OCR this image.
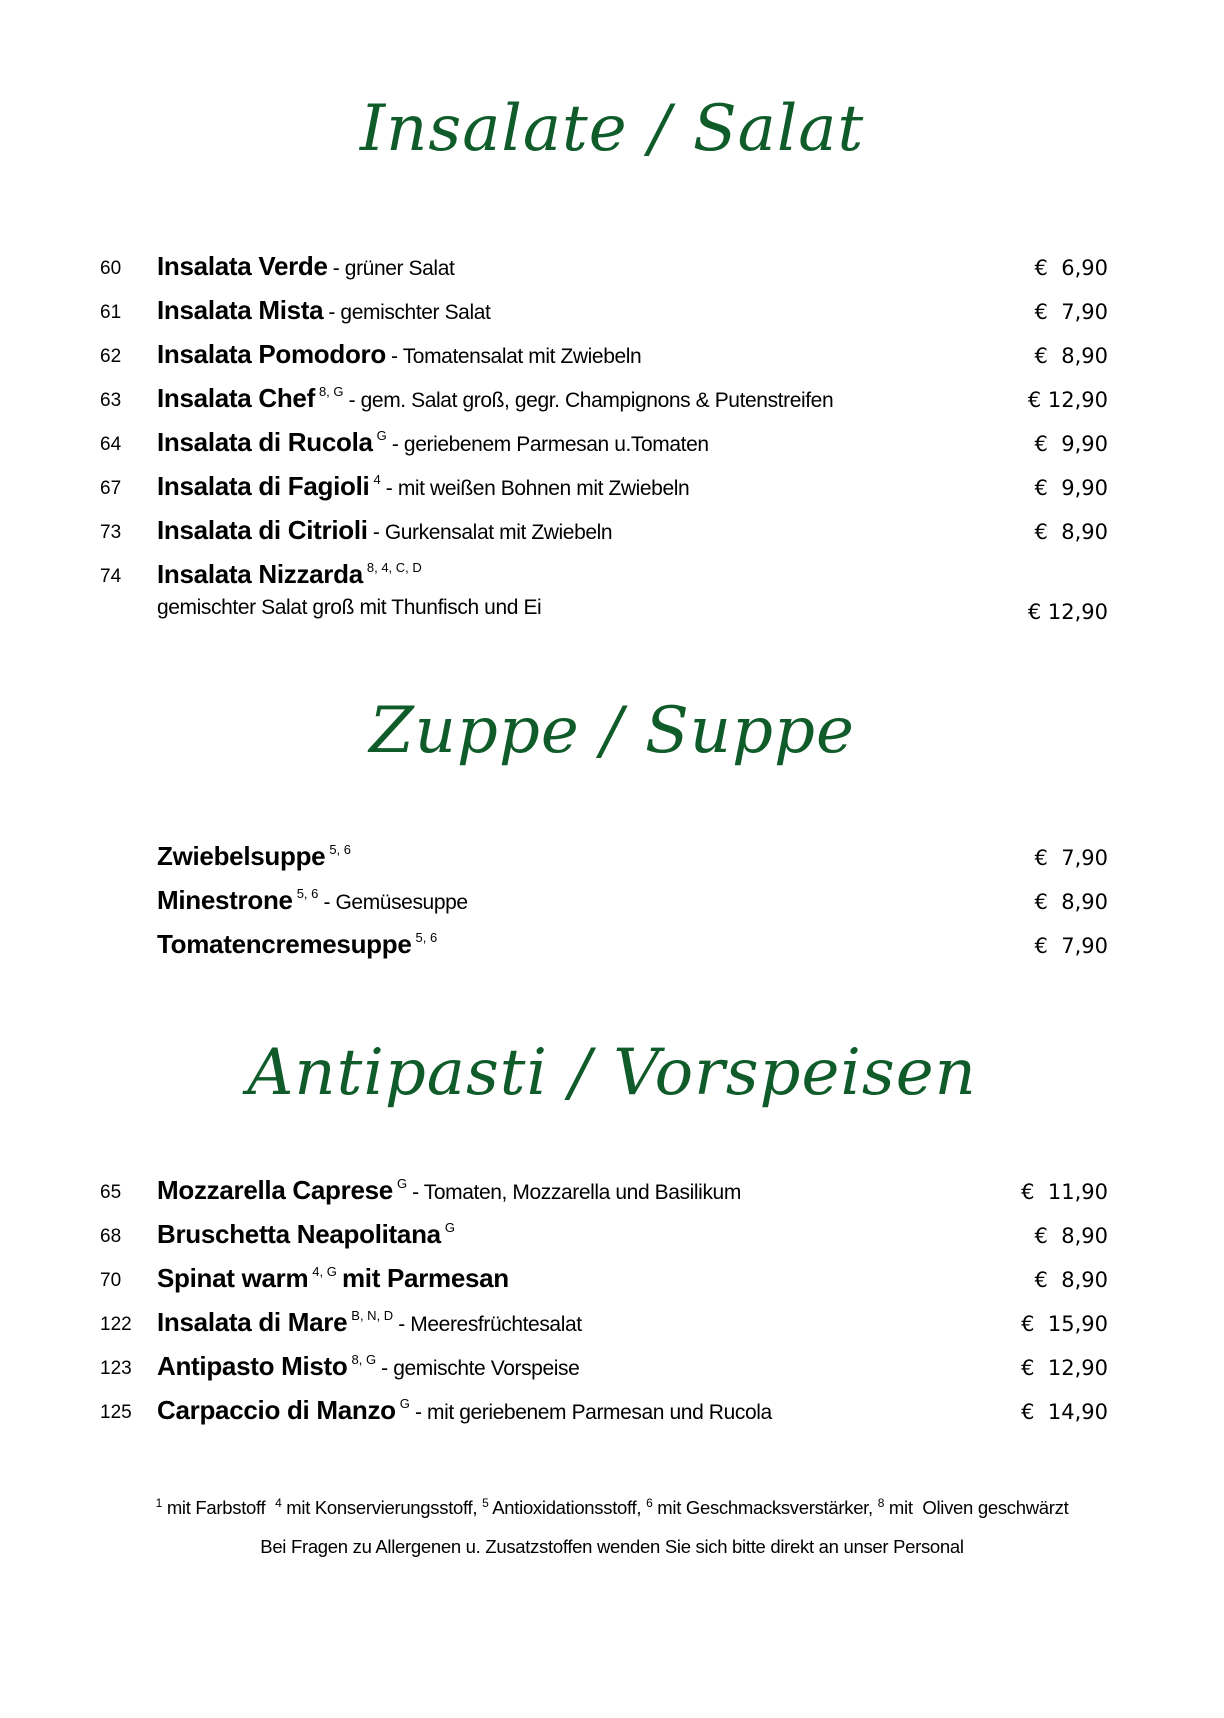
Insalate / Salat
60 Insalata Verde - grüner Salat	€  6,90
61 Insalata Mista - gemischter Salat	€  7,90
62 Insalata Pomodoro - Tomatensalat mit Zwiebeln	€  8,90
63 Insalata Chef $^{8, G}$ - gem. Salat groß, gegr. Champignons & Putenstreifen	€ 12,90
64 Insalata di Rucola $^G$ - geriebenem Parmesan u.Tomaten	€  9,90
67 Insalata di Fagioli $^4$ - mit weißen Bohnen mit Zwiebeln	€  9,90
73 Insalata di Citrioli - Gurkensalat mit Zwiebeln	€  8,90
74 Insalata Nizzarda $^{8, 4, C, D}$
gemischter Salat groß mit Thunfisch und Ei	€ 12,90
Zuppe / Suppe
Zwiebelsuppe $^{5, 6}$	€  7,90
Minestrone $^{5, 6}$ - Gemüsesuppe	€  8,90
Tomatencremesuppe $^{5, 6}$	€  7,90
Antipasti / Vorspeisen
65 Mozzarella Caprese $^G$ - Tomaten, Mozzarella und Basilikum	€  11,90
68 Bruschetta Neapolitana $^G$	€  8,90
70 Spinat warm $^{4, G}$ mit Parmesan	€  8,90
122 Insalata di Mare $^{B, N, D}$ - Meeresfrüchtesalat	€  15,90
123 Antipasto Misto $^{8, G}$ - gemischte Vorspeise	€  12,90
125 Carpaccio di Manzo $^G$ - mit geriebenem Parmesan und Rucola	€  14,90
$^1$ mit Farbstoff $^4$ mit Konservierungsstoff, $^5$ Antioxidationsstoff, $^6$ mit Geschmacksverstärker, $^8$ mit  Oliven geschwärzt
Bei Fragen zu Allergenen u. Zusatzstoffen wenden Sie sich bitte direkt an unser Personal
